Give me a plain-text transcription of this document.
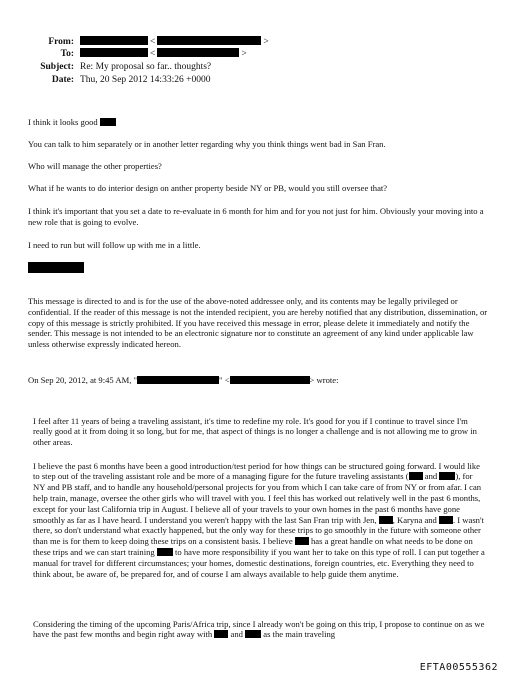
From:	<	>
To:	<	>
Subject: Re: My proposal so far.. thoughts?
Date: Thu, 20 Sep 2012 14:33:26 +0000

I think it looks good

You can talk to him separately or in another letter regarding why you think things went bad in San Fran.

Who will manage the other properties?

What if he wants to do interior design on anther property beside NY or PB, would you still oversee that?

I think it's important that you set a date to re-evaluate in 6 month for him and for you not just for him. Obviously your moving into a new role that is going to evolve.

I need to run but will follow up with me in a little.

This message is directed to and is for the use of the above-noted addressee only, and its contents may be legally privileged or confidential. If the reader of this message is not the intended recipient, you are hereby notified that any distribution, dissemination, or copy of this message is strictly prohibited. If you have received this message in error, please delete it immediately and notify the sender. This message is not intended to be an electronic signature nor to constitute an agreement of any kind under applicable law unless otherwise expressly indicated hereon.

On Sep 20, 2012, at 9:45 AM, "	" <	> wrote:

I feel after 11 years of being a traveling assistant, it's time to redefine my role. It's good for you if I continue to travel since I'm really good at it from doing it so long, but for me, that aspect of things is no longer a challenge and is not allowing me to grow in other areas.

I believe the past 6 months have been a good introduction/test period for how things can be structured going forward. I would like to step out of the traveling assistant role and be more of a managing figure for the future traveling assistants ( and ), for NY and PB staff, and to handle any household/personal projects for you from which I can take care of from NY or from afar. I can help train, manage, oversee the other girls who will travel with you. I feel this has worked out relatively well in the past 6 months, except for your last California trip in August. I believe all of your travels to your own homes in the past 6 months have gone smoothly as far as I have heard. I understand you weren't happy with the last San Fran trip with Jen, , Karyna and . I wasn't there, so don't understand what exactly happened, but the only way for these trips to go smoothly in the future with someone other than me is for them to keep doing these trips on a consistent basis. I believe  has a great handle on what needs to be done on these trips and we can start training  to have more responsibility if you want her to take on this type of roll. I can put together a manual for travel for different circumstances; your homes, domestic destinations, foreign countries, etc. Everything they need to think about, be aware of, be prepared for, and of course I am always available to help guide them anytime.

Considering the timing of the upcoming Paris/Africa trip, since I already won't be going on this trip, I propose to continue on as we have the past few months and begin right away with  and  as the main traveling

EFTA00555362
